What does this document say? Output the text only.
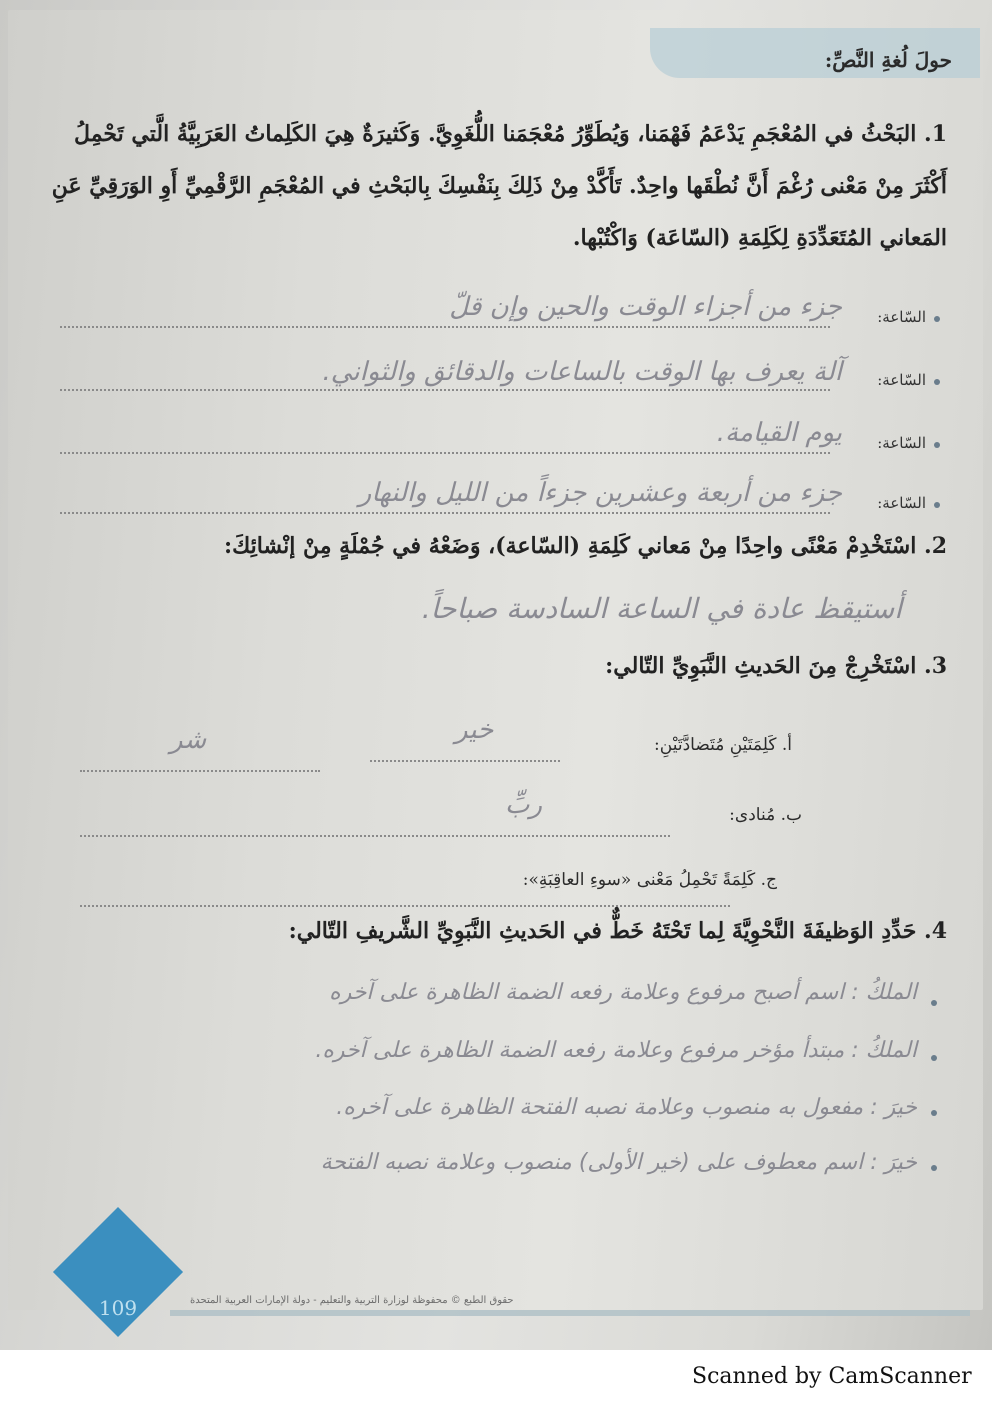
حولَ لُغةِ النَّصِّ:
1. البَحْثُ في المُعْجَمِ يَدْعَمُ فَهْمَنا، وَيُطَوِّرُ مُعْجَمَنا اللُّغَوِيَّ. وَكَثيرَةٌ هِيَ الكَلِماتُ العَرَبِيَّةُ الَّتي تَحْمِلُ أَكْثَرَ مِنْ مَعْنى رُغْمَ أَنَّ نُطْقَها واحِدٌ. تَأَكَّدْ مِنْ ذَلِكَ بِنَفْسِكَ بِالبَحْثِ في المُعْجَمِ الرَّقْمِيِّ أَوِ الوَرَقِيِّ عَنِ المَعاني المُتَعَدِّدَةِ لِكَلِمَةِ (السّاعَة) وَاكْتُبْها.
السّاعة:
جزء من أجزاء الوقت والحين وإن قلّ
السّاعة:
آلة يعرف بها الوقت بالساعات والدقائق والثواني.
السّاعة:
يوم القيامة.
السّاعة:
جزء من أربعة وعشرين جزءاً من الليل والنهار
2. اسْتَخْدِمْ مَعْنًى واحِدًا مِنْ مَعاني كَلِمَةِ (السّاعة)، وَضَعْهُ في جُمْلَةٍ مِنْ إنْشائِكَ:
أستيقظ عادة في الساعة السادسة صباحاً.
3. اسْتَخْرِجْ مِنَ الحَديثِ النَّبَوِيِّ التّالي:
أ. كَلِمَتَيْنِ مُتَضادَّتَيْنِ:
خير
شر
ب. مُنادى:
ربِّ
ج. كَلِمَةً تَحْمِلُ مَعْنى «سوءِ العاقِبَةِ»:
4. حَدِّدِ الوَظيفَةَ النَّحْوِيَّةَ لِما تَحْتَهُ خَطٌّ في الحَديثِ النَّبَوِيِّ الشَّريفِ التّالي:
الملكُ : اسم أصبح مرفوع وعلامة رفعه الضمة الظاهرة على آخره
الملكُ : مبتدأ مؤخر مرفوع وعلامة رفعه الضمة الظاهرة على آخره.
خيرَ : مفعول به منصوب وعلامة نصبه الفتحة الظاهرة على آخره.
خيرَ : اسم معطوف على (خير الأولى) منصوب وعلامة نصبه الفتحة
حقوق الطبع © محفوظة لوزارة التربية والتعليم - دولة الإمارات العربية المتحدة
109
Scanned by CamScanner
